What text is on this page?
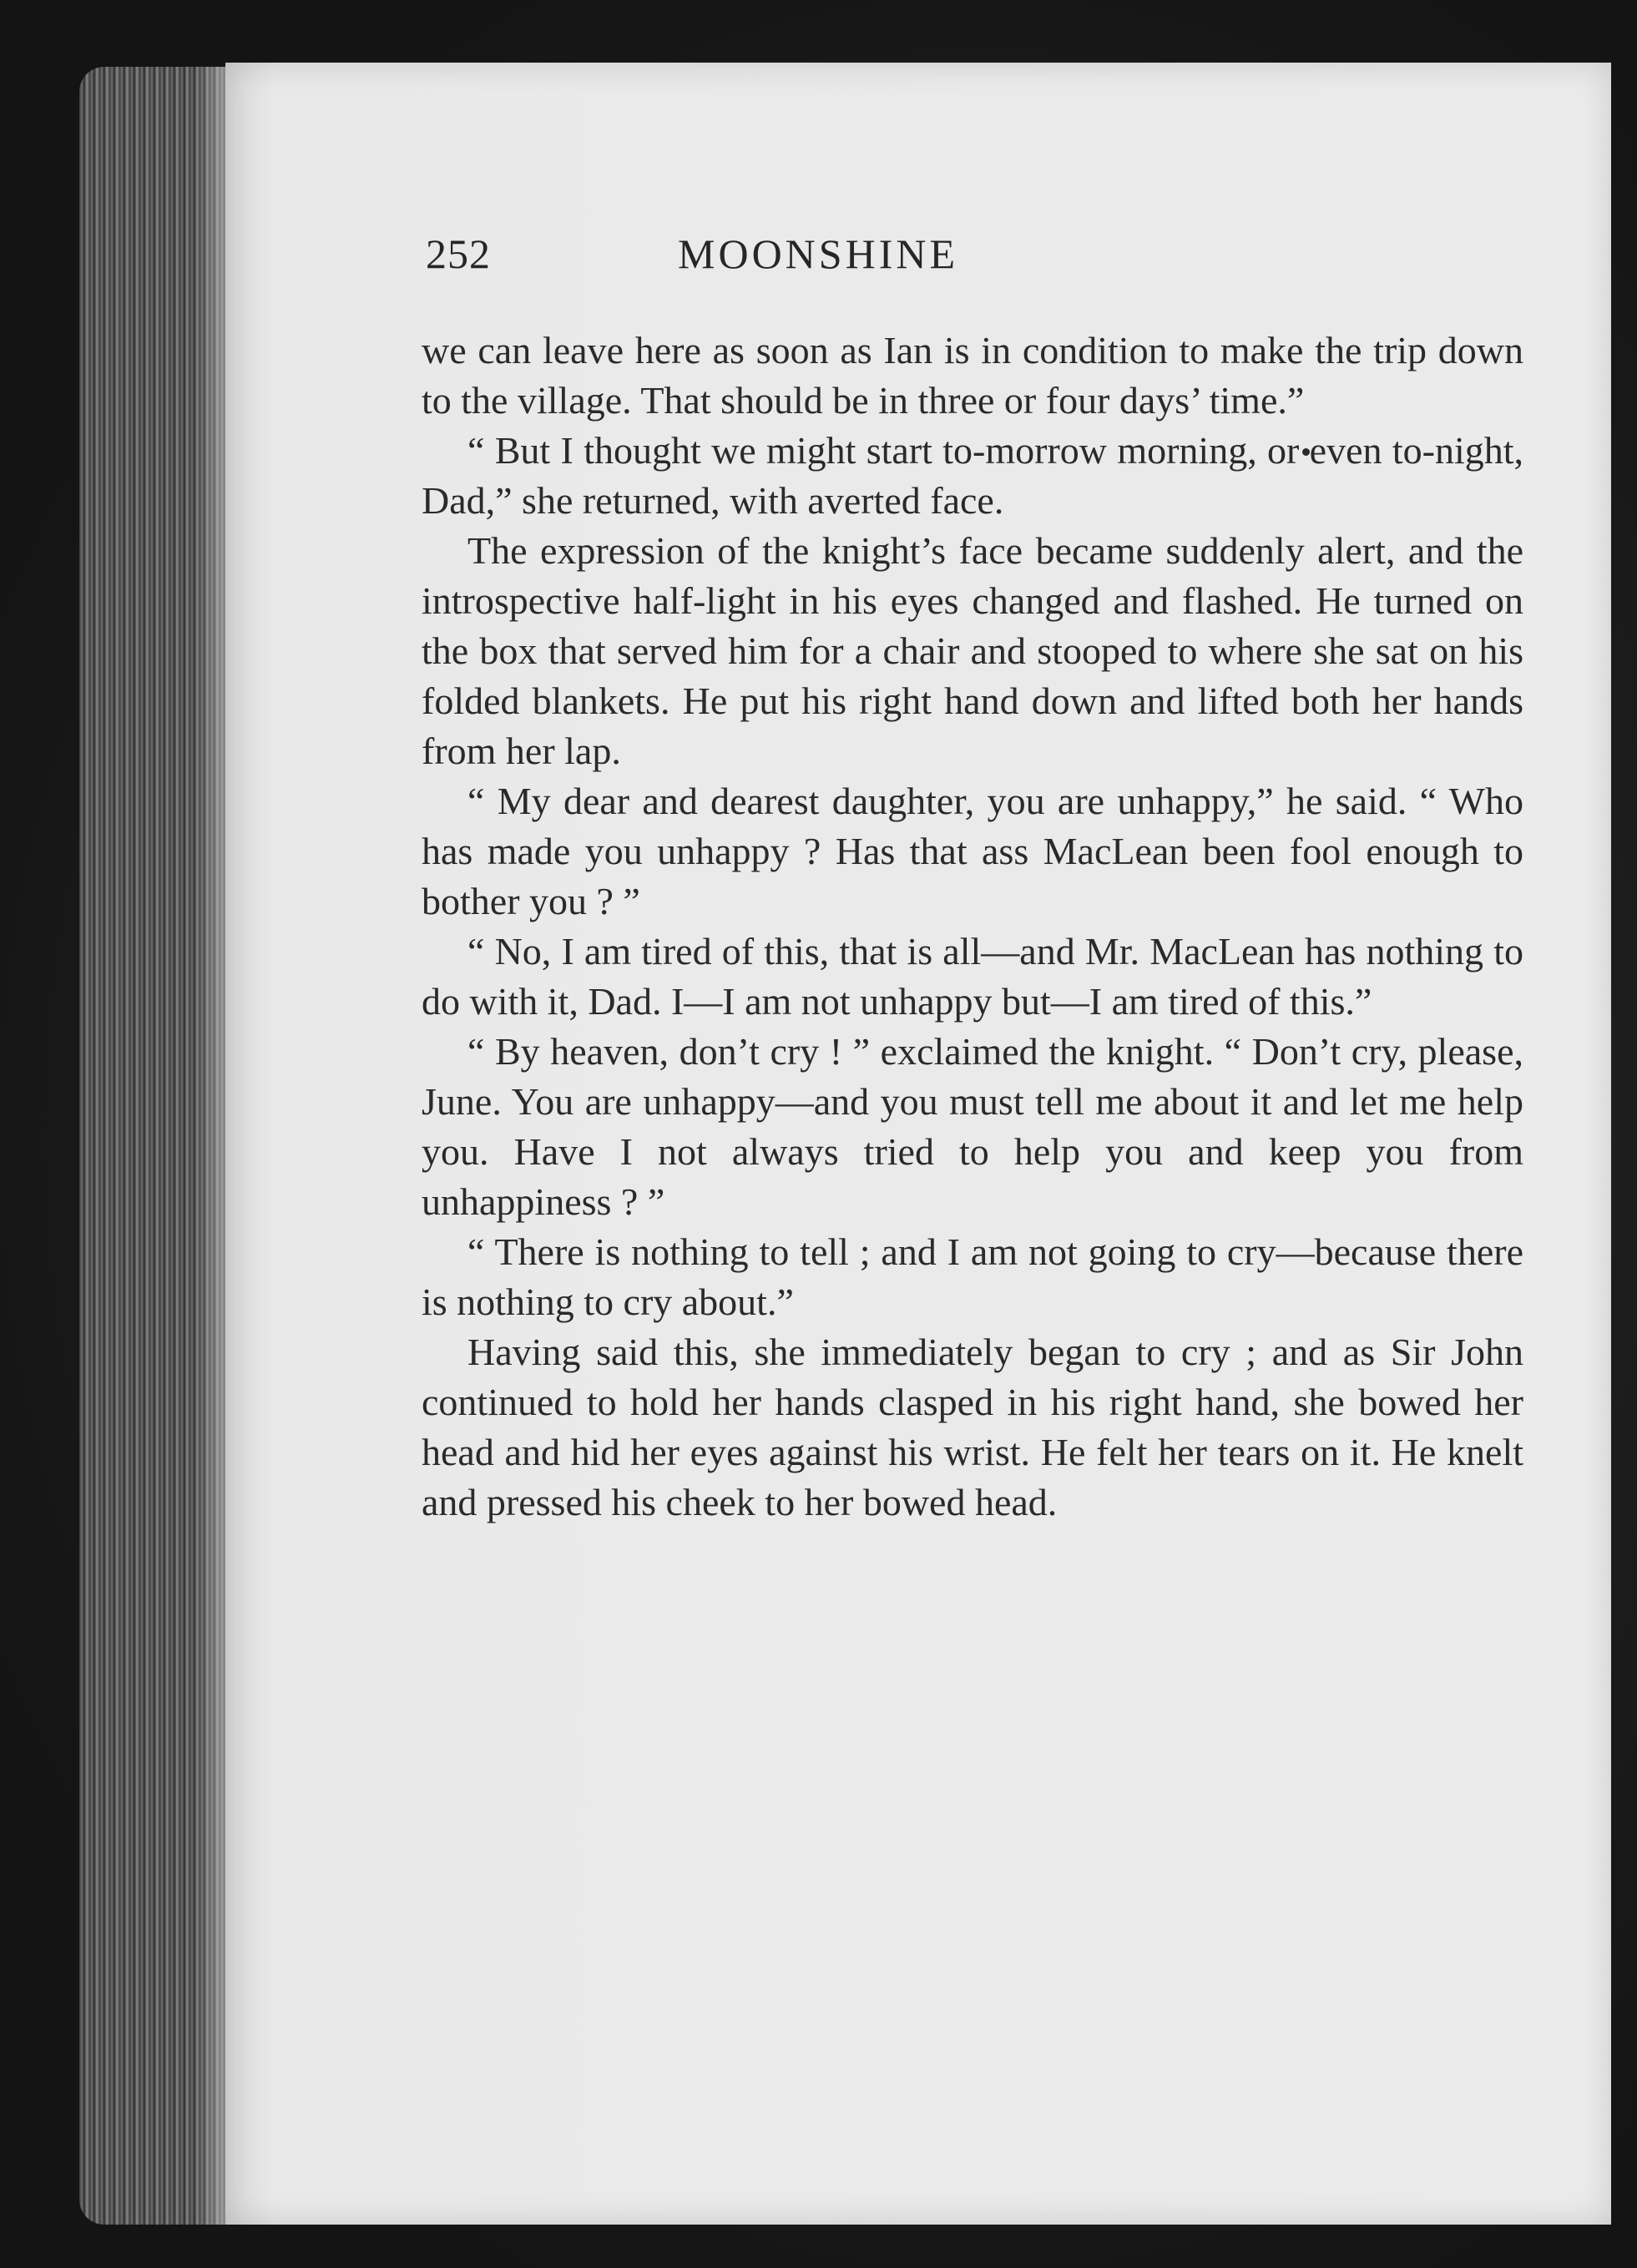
252	MOONSHINE

we can leave here as soon as Ian is in condition to make the trip down to the village. That should be in three or four days’ time.”

“ But I thought we might start to-morrow morning, or even to-night, Dad,” she returned, with averted face.

The expression of the knight’s face became suddenly alert, and the introspective half-light in his eyes changed and flashed. He turned on the box that served him for a chair and stooped to where she sat on his folded blankets. He put his right hand down and lifted both her hands from her lap.

“ My dear and dearest daughter, you are unhappy,” he said. “ Who has made you unhappy ? Has that ass MacLean been fool enough to bother you ? ”

“ No, I am tired of this, that is all—and Mr. MacLean has nothing to do with it, Dad. I—I am not unhappy but—I am tired of this.”

“ By heaven, don’t cry ! ” exclaimed the knight. “ Don’t cry, please, June. You are unhappy—and you must tell me about it and let me help you. Have I not always tried to help you and keep you from unhappiness ? ”

“ There is nothing to tell ; and I am not going to cry—because there is nothing to cry about.”

Having said this, she immediately began to cry ; and as Sir John continued to hold her hands clasped in his right hand, she bowed her head and hid her eyes against his wrist. He felt her tears on it. He knelt and pressed his cheek to her bowed head.
